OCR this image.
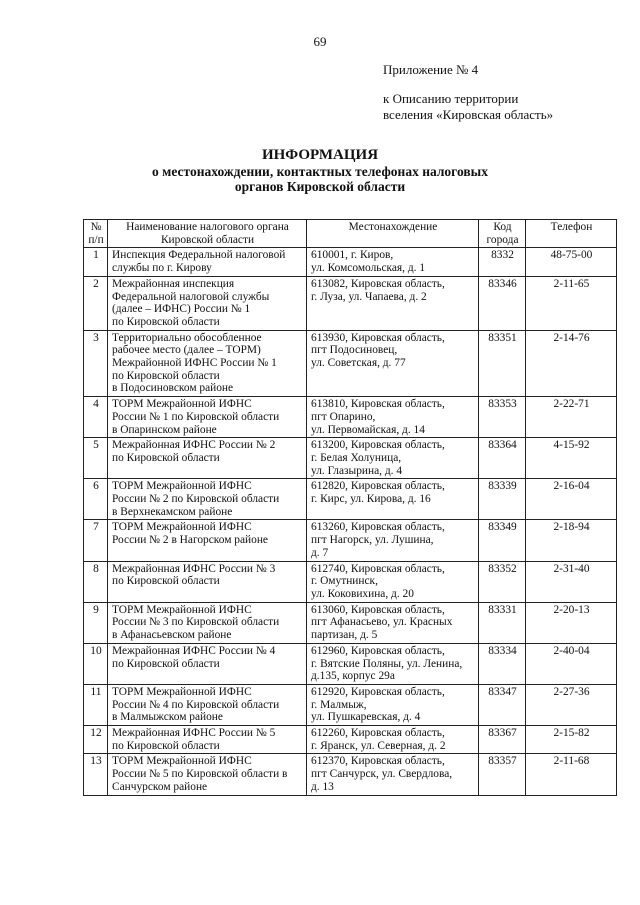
69
Приложение № 4
к Описанию территории
вселения «Кировская область»
ИНФОРМАЦИЯ
о местонахождении, контактных телефонах налоговых
органов Кировской области
№
п/п	Наименование налогового органа
Кировской области	Местонахождение	Код
города	Телефон
1	Инспекция Федеральной налоговой
службы по г. Кирову	610001, г. Киров,
ул. Комсомольская, д. 1	8332	48-75-00
2	Межрайонная инспекция
Федеральной налоговой службы
(далее – ИФНС) России № 1
по Кировской области	613082, Кировская область,
г. Луза, ул. Чапаева, д. 2	83346	2-11-65
3	Территориально обособленное
рабочее место (далее – ТОРМ)
Межрайонной ИФНС России № 1
по Кировской области
в Подосиновском районе	613930, Кировская область,
пгт Подосиновец,
ул. Советская, д. 77	83351	2-14-76
4	ТОРМ Межрайонной ИФНС
России № 1 по Кировской области
в Опаринском районе	613810, Кировская область,
пгт Опарино,
ул. Первомайская, д. 14	83353	2-22-71
5	Межрайонная ИФНС России № 2
по Кировской области	613200, Кировская область,
г. Белая Холуница,
ул. Глазырина, д. 4	83364	4-15-92
6	ТОРМ Межрайонной ИФНС
России № 2 по Кировской области
в Верхнекамском районе	612820, Кировская область,
г. Кирс, ул. Кирова, д. 16	83339	2-16-04
7	ТОРМ Межрайонной ИФНС
России № 2 в Нагорском районе	613260, Кировская область,
пгт Нагорск, ул. Лушина,
д. 7	83349	2-18-94
8	Межрайонная ИФНС России № 3
по Кировской области	612740, Кировская область,
г. Омутнинск,
ул. Коковихина, д. 20	83352	2-31-40
9	ТОРМ Межрайонной ИФНС
России № 3 по Кировской области
в Афанасьевском районе	613060, Кировская область,
пгт Афанасьево, ул. Красных
партизан, д. 5	83331	2-20-13
10	Межрайонная ИФНС России № 4
по Кировской области	612960, Кировская область,
г. Вятские Поляны, ул. Ленина,
д.135, корпус 29а	83334	2-40-04
11	ТОРМ Межрайонной ИФНС
России № 4 по Кировской области
в Малмыжском районе	612920, Кировская область,
г. Малмыж,
ул. Пушкаревская, д. 4	83347	2-27-36
12	Межрайонная ИФНС России № 5
по Кировской области	612260, Кировская область,
г. Яранск, ул. Северная, д. 2	83367	2-15-82
13	ТОРМ Межрайонной ИФНС
России № 5 по Кировской области в
Санчурском районе	612370, Кировская область,
пгт Санчурск, ул. Свердлова,
д. 13	83357	2-11-68
